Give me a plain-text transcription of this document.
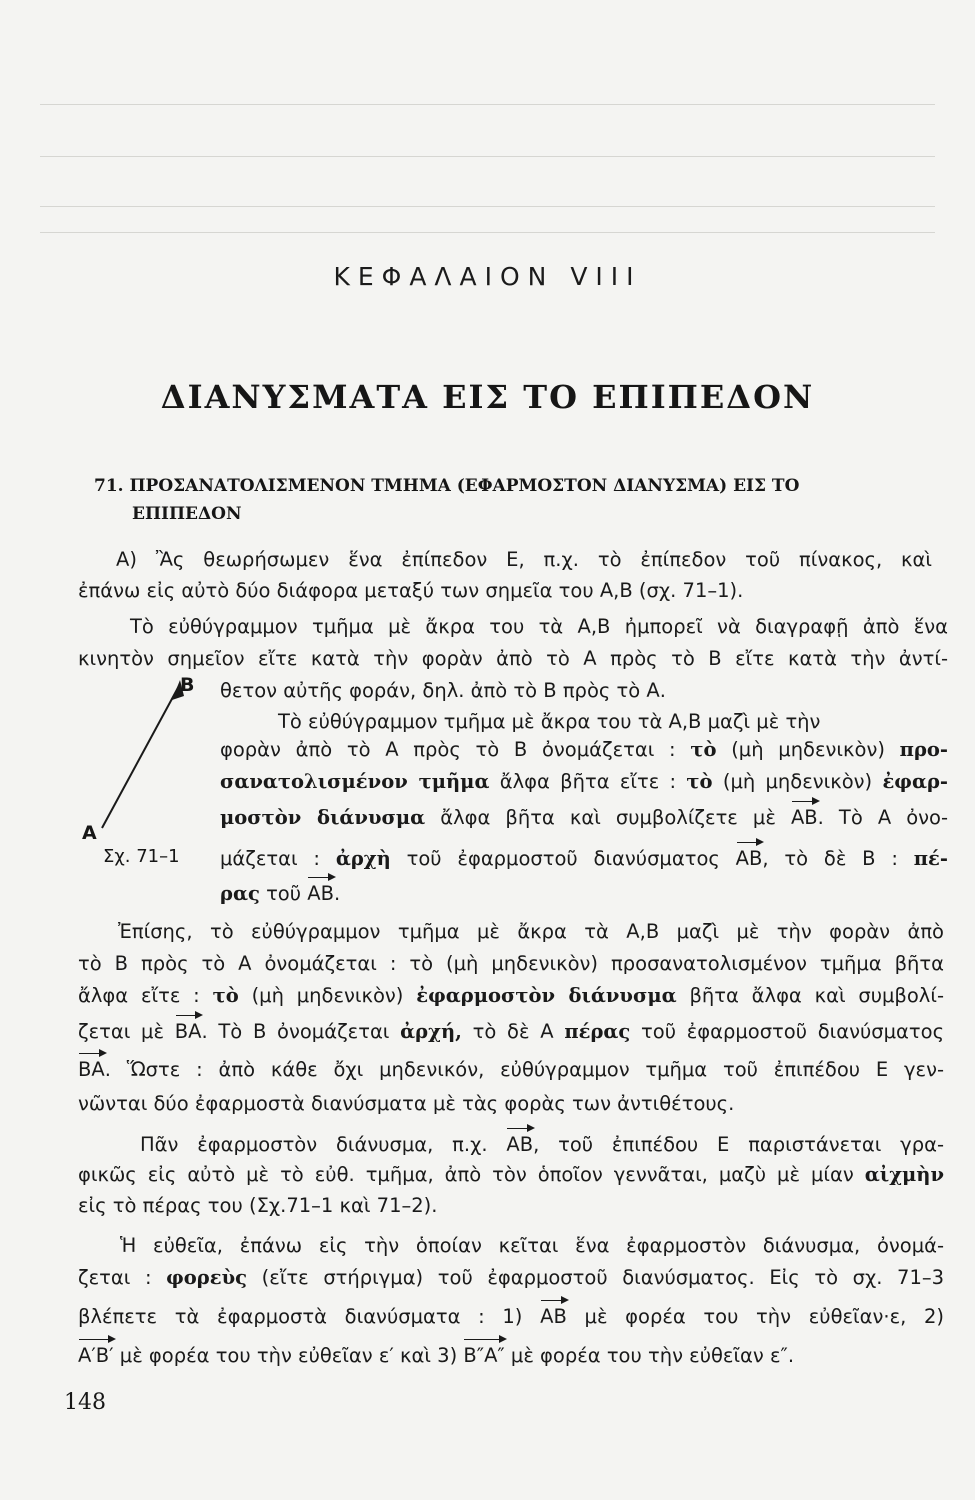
ΚΕΦΑΛΑΙΟΝ VIII
ΔΙΑΝΥΣΜΑΤΑ ΕΙΣ ΤΟ ΕΠΙΠΕΔΟΝ
71. ΠΡΟΣΑΝΑΤΟΛΙΣΜΕΝΟΝ ΤΜΗΜΑ (ΕΦΑΡΜΟΣΤΟΝ ΔΙΑΝΥΣΜΑ) ΕΙΣ ΤΟ
ΕΠΙΠΕΔΟΝ
B
A
Σχ. 71–1
Α) Ἂς θεωρήσωμεν ἕνα ἐπίπεδον Ε, π.χ. τὸ ἐπίπεδον τοῦ πίνακος, καὶ
ἐπάνω εἰς αὐτὸ δύο διάφορα μεταξύ των σημεῖα του Α,Β (σχ. 71–1).
Τὸ εὐθύγραμμον τμῆμα μὲ ἄκρα του τὰ Α,Β ἠμπορεῖ νὰ διαγραφῇ ἀπὸ ἕνα
κινητὸν σημεῖον εἴτε κατὰ τὴν φορὰν ἀπὸ τὸ Α πρὸς τὸ Β εἴτε κατὰ τὴν ἀντί-
θετον αὐτῆς φοράν, δηλ. ἀπὸ τὸ Β πρὸς τὸ Α.
Τὸ εὐθύγραμμον τμῆμα μὲ ἄκρα του τὰ Α,Β μαζὶ μὲ τὴν
φορὰν ἀπὸ τὸ Α πρὸς τὸ Β ὀνομάζεται : τὸ (μὴ μηδενικὸν) προ-
σανατολισμένον τμῆμα ἄλφα βῆτα εἴτε : τὸ (μὴ μηδενικὸν) ἐφαρ-
μοστὸν διάνυσμα ἄλφα βῆτα καὶ συμβολίζετε μὲ ΑΒ. Τὸ Α ὀνο-
μάζεται : ἀρχὴ τοῦ ἐφαρμοστοῦ διανύσματος ΑΒ, τὸ δὲ Β : πέ-
ρας τοῦ ΑΒ.
Ἐπίσης, τὸ εὐθύγραμμον τμῆμα μὲ ἄκρα τὰ Α,Β μαζὶ μὲ τὴν φορὰν ἀπὸ
τὸ Β πρὸς τὸ Α ὀνομάζεται : τὸ (μὴ μηδενικὸν) προσανατολισμένον τμῆμα βῆτα
ἄλφα εἴτε : τὸ (μὴ μηδενικὸν) ἐφαρμοστὸν διάνυσμα βῆτα ἄλφα καὶ συμβολί-
ζεται μὲ ΒΑ. Τὸ Β ὀνομάζεται ἀρχή, τὸ δὲ Α πέρας τοῦ ἐφαρμοστοῦ διανύσματος
ΒΑ. Ὥστε : ἀπὸ κάθε ὄχι μηδενικόν, εὐθύγραμμον τμῆμα τοῦ ἐπιπέδου Ε γεν-
νῶνται δύο ἐφαρμοστὰ διανύσματα μὲ τὰς φορὰς των ἀντιθέτους.
Πᾶν ἐφαρμοστὸν διάνυσμα, π.χ. ΑΒ, τοῦ ἐπιπέδου Ε παριστάνεται γρα-
φικῶς εἰς αὐτὸ μὲ τὸ εὐθ. τμῆμα, ἀπὸ τὸν ὁποῖον γεννᾶται, μαζὺ μὲ μίαν αἰχμὴν
εἰς τὸ πέρας του (Σχ.71–1 καὶ 71–2).
Ἡ εὐθεῖα, ἐπάνω εἰς τὴν ὁποίαν κεῖται ἕνα ἐφαρμοστὸν διάνυσμα, ὀνομά-
ζεται : φορεὺς (εἴτε στήριγμα) τοῦ ἐφαρμοστοῦ διανύσματος. Εἰς τὸ σχ. 71–3
βλέπετε τὰ ἐφαρμοστὰ διανύσματα : 1) ΑΒ μὲ φορέα του τὴν εὐθεῖαν·ε, 2)
Α′Β′ μὲ φορέα του τὴν εὐθεῖαν ε′ καὶ 3) Β″Α″ μὲ φορέα του τὴν εὐθεῖαν ε″.
148
